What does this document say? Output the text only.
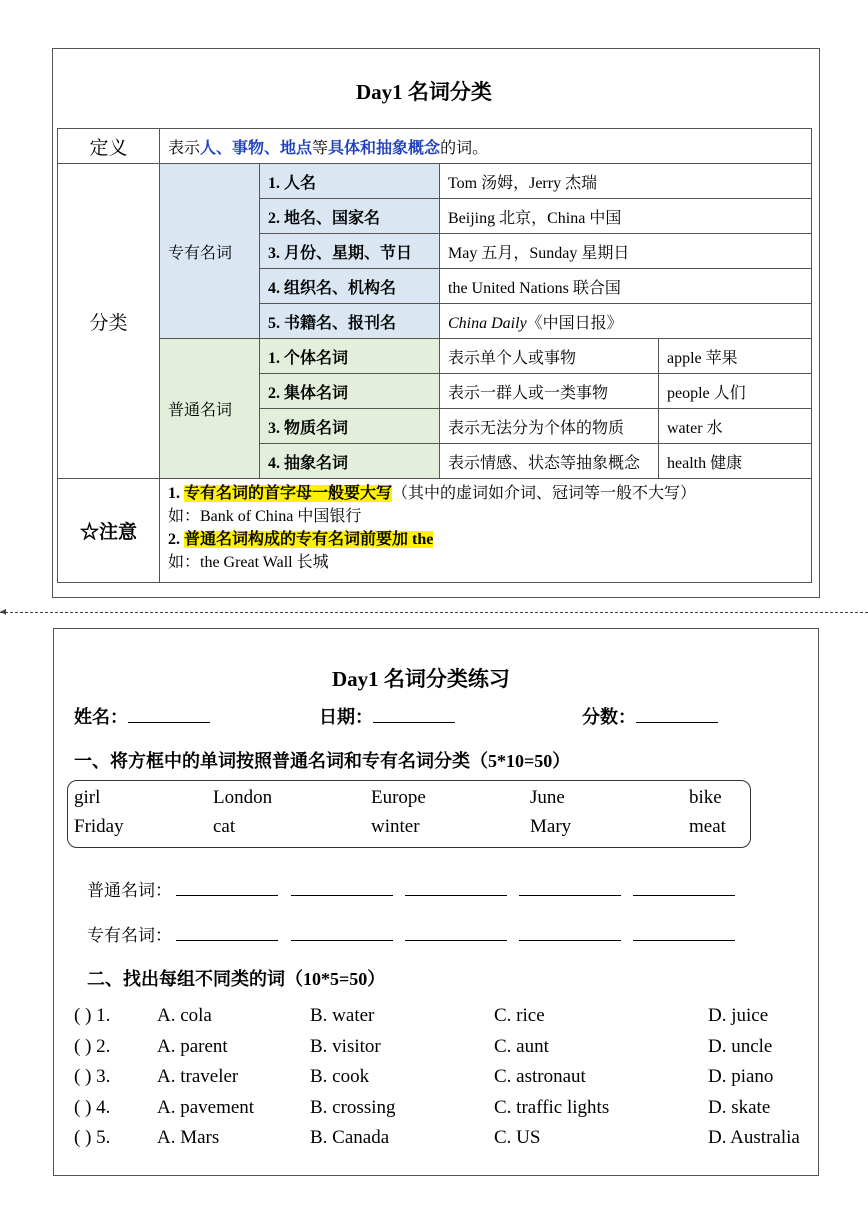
Day1 名词分类
定义	表示人、事物、地点等具体和抽象概念的词。			
分类	专有名词	1. 人名	Tom 汤姆，Jerry 杰瑞	
		2. 地名、国家名	Beijing 北京，China 中国	
		3. 月份、星期、节日	May 五月，Sunday 星期日	
		4. 组织名、机构名	the United Nations 联合国	
		5. 书籍名、报刊名	China Daily《中国日报》	
	普通名词	1. 个体名词	表示单个人或事物	apple 苹果
		2. 集体名词	表示一群人或一类事物	people 人们
		3. 物质名词	表示无法分为个体的物质	water 水
		4. 抽象名词	表示情感、状态等抽象概念	health 健康
☆注意	1. 专有名词的首字母一般要大写（其中的虚词如介词、冠词等一般不大写）
如：Bank of China 中国银行
2. 普通名词构成的专有名词前要加 the
如：the Great Wall 长城			
◂
Day1 名词分类练习
姓名：	日期：	分数：
一、将方框中的单词按照普通名词和专有名词分类（5*10=50）
girl	London	Europe	June	bike
Friday	cat	winter	Mary	meat
普通名词：
专有名词：
二、找出每组不同类的词（10*5=50）
( ) 1. A. cola	B. water	C. rice	D. juice
( ) 2. A. parent	B. visitor	C. aunt	D. uncle
( ) 3. A. traveler	B. cook	C. astronaut	D. piano
( ) 4. A. pavement	B. crossing	C. traffic lights	D. skate
( ) 5. A. Mars	B. Canada	C. US	D. Australia
